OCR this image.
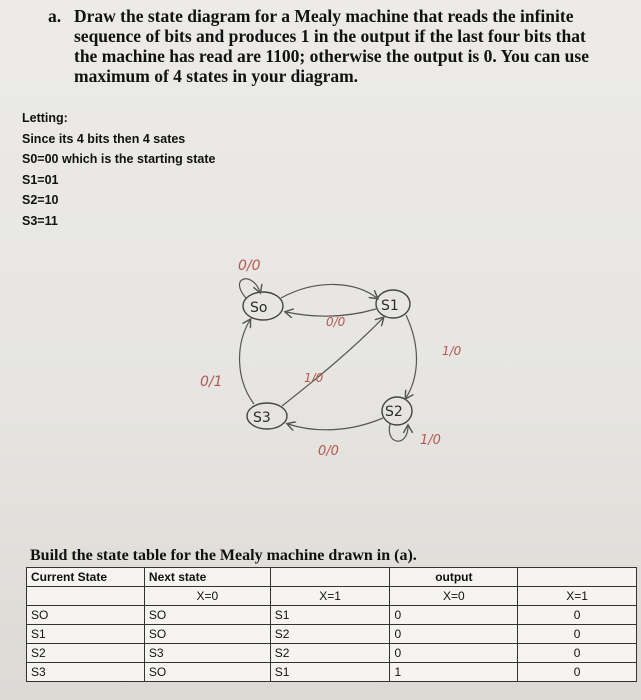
a. Draw the state diagram for a Mealy machine that reads the infinite
sequence of bits and produces 1 in the output if the last four bits that
the machine has read are 1100; otherwise the output is 0. You can use
maximum of 4 states in your diagram.
Letting:
Since its 4 bits then 4 sates
S0=00 which is the starting state
S1=01
S2=10
S3=11
So	S1
S2
S3
0/0
0/0
1/0
0/1	1/0
0/0
1/0
Build the state table for the Mealy machine drawn in (a).
Current State	Next state		output	
	X=0	X=1	X=0	X=1
SO	SO	S1	0	0
S1	SO	S2	0	0
S2	S3	S2	0	0
S3	SO	S1	1	0
